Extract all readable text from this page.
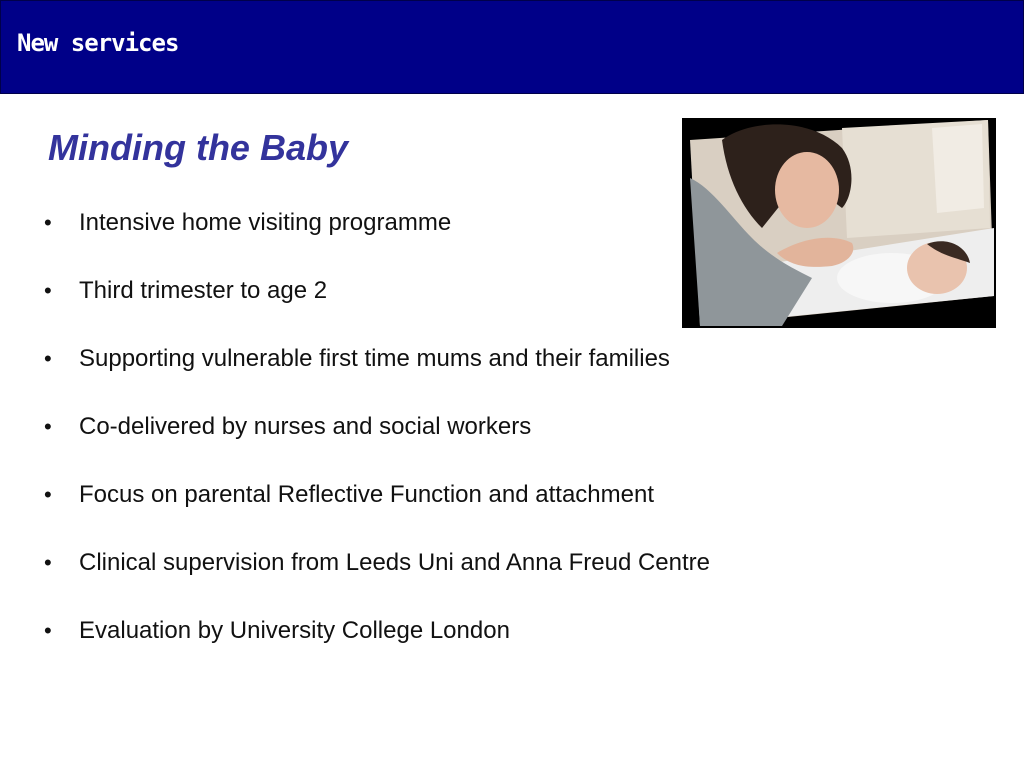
New services
Minding the Baby
•	Intensive home visiting programme
•	Third trimester to age 2
•	Supporting vulnerable first time mums and their families
•	Co-delivered by nurses and social workers
•	Focus on parental Reflective Function and attachment
•	Clinical supervision from Leeds Uni and Anna Freud Centre
•	Evaluation by University College London
